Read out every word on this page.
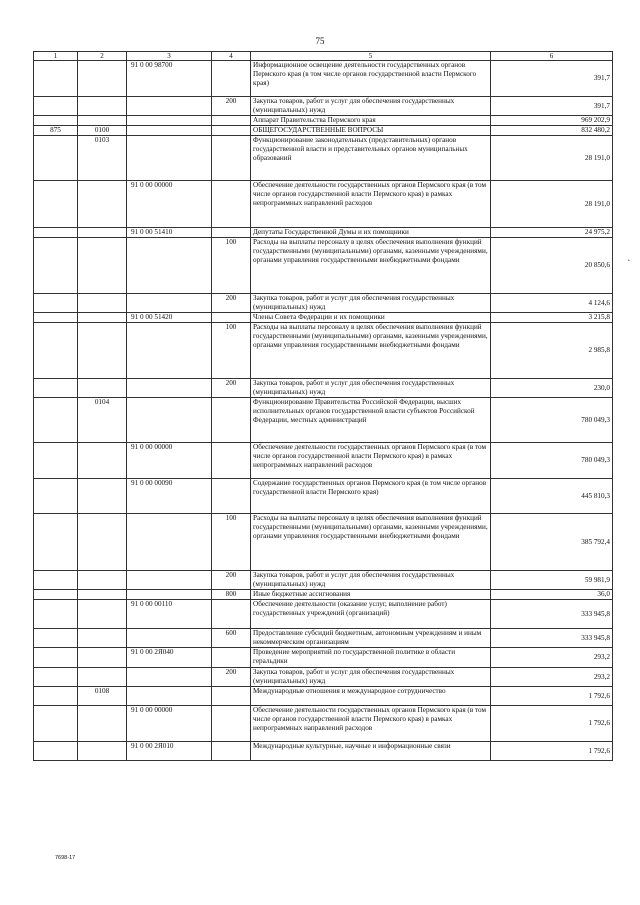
75
1	2	3	4	5	6
		91 0 00 98700		Информационное освещение деятельности государственных органов Пермского края (в том числе органов государственной власти Пермского края)	391,7
			200	Закупка товаров, работ и услуг для обеспечения государственных (муниципальных) нужд	391,7
				Аппарат Правительства Пермского края	969 202,9
875	0100			ОБЩЕГОСУДАРСТВЕННЫЕ ВОПРОСЫ	832 480,2
	0103			Функционирование законодательных (представительных) органов государственной власти и представительных органов муниципальных образований	28 191,0
		91 0 00 00000		Обеспечение деятельности государственных органов Пермского края (в том числе органов государственной власти Пермского края) в рамках непрограммных направлений расходов	28 191,0
		91 0 00 51410		Депутаты Государственной Думы и их помощники	24 975,2
			100	Расходы на выплаты персоналу в целях обеспечения выполнения функций государственными (муниципальными) органами, казенными учреждениями, органами управления государственными внебюджетными фондами	20 850,6
			200	Закупка товаров, работ и услуг для обеспечения государственных (муниципальных) нужд	4 124,6
		91 0 00 51420		Члены Совета Федерации и их помощники	3 215,8
			100	Расходы на выплаты персоналу в целях обеспечения выполнения функций государственными (муниципальными) органами, казенными учреждениями, органами управления государственными внебюджетными фондами	2 985,8
			200	Закупка товаров, работ и услуг для обеспечения государственных (муниципальных) нужд	230,0
	0104			Функционирование Правительства Российской Федерации, высших исполнительных органов государственной власти субъектов Российской Федерации, местных администраций	780 049,3
		91 0 00 00000		Обеспечение деятельности государственных органов Пермского края (в том числе органов государственной власти Пермского края) в рамках непрограммных направлений расходов	780 049,3
		91 0 00 00090		Содержание государственных органов Пермского края (в том числе органов государственной власти Пермского края)	445 810,3
			100	Расходы на выплаты персоналу в целях обеспечения выполнения функций государственными (муниципальными) органами, казенными учреждениями, органами управления государственными внебюджетными фондами	385 792,4
			200	Закупка товаров, работ и услуг для обеспечения государственных (муниципальных) нужд	59 981,9
			800	Иные бюджетные ассигнования	36,0
		91 0 00 00110		Обеспечение деятельности (оказание услуг, выполнение работ) государственных учреждений (организаций)	333 945,8
			600	Предоставление субсидий бюджетным, автономным учреждениям и иным некоммерческим организациям	333 945,8
		91 0 00 2Я040		Проведение мероприятий по государственной политике в области геральдики	293,2
			200	Закупка товаров, работ и услуг для обеспечения государственных (муниципальных) нужд	293,2
	0108			Международные отношения и международное сотрудничество	1 792,6
		91 0 00 00000		Обеспечение деятельности государственных органов Пермского края (в том числе органов государственной власти Пермского края) в рамках непрограммных направлений расходов	1 792,6
		91 0 00 2Я010		Международные культурные, научные и информационные связи	1 792,6
7698-17
•
